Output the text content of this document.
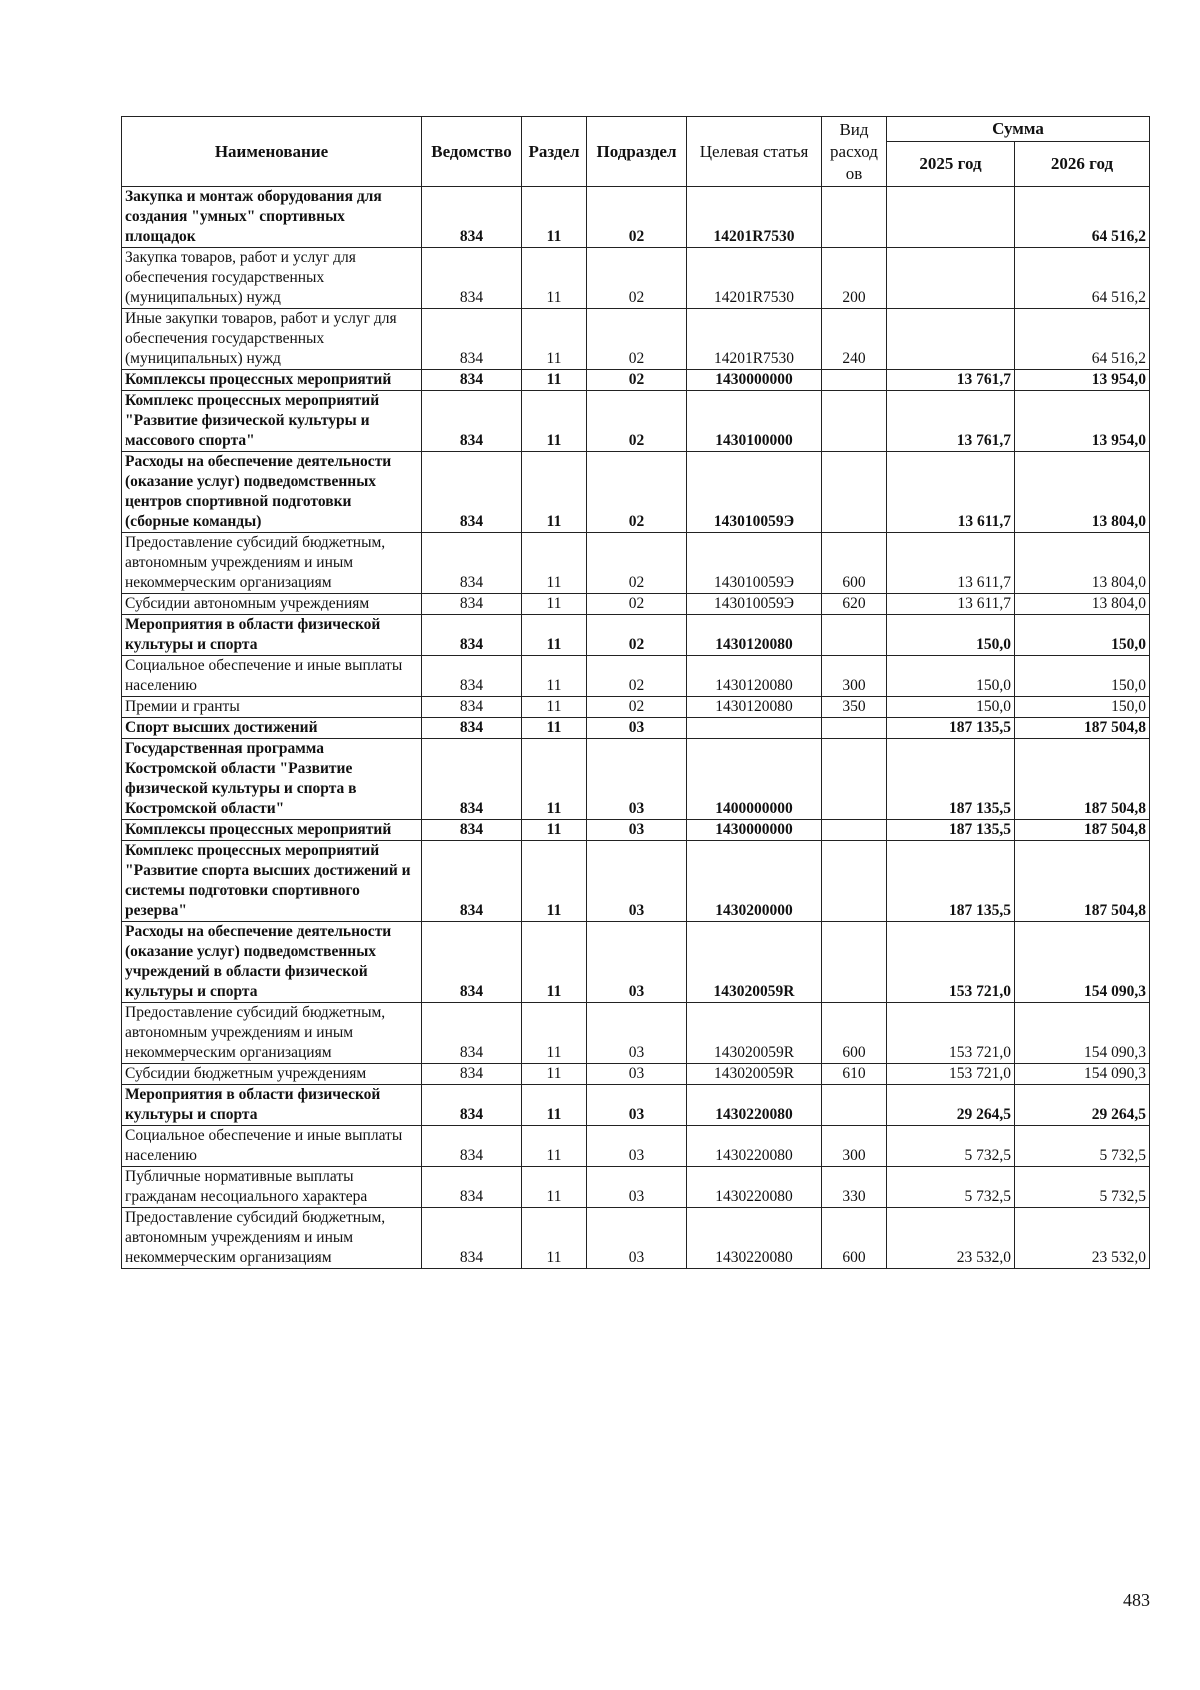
Наименование	Ведомство	Раздел	Подраздел	Целевая статья	Вид расход ов	Сумма	
						2025 год	2026 год
Закупка и монтаж оборудования для создания "умных" спортивных площадок	834	11	02	14201R7530			64 516,2
Закупка товаров, работ и услуг для обеспечения государственных (муниципальных) нужд	834	11	02	14201R7530	200		64 516,2
Иные закупки товаров, работ и услуг для обеспечения государственных (муниципальных) нужд	834	11	02	14201R7530	240		64 516,2
Комплексы процессных мероприятий	834	11	02	1430000000		13 761,7	13 954,0
Комплекс процессных мероприятий "Развитие физической культуры и массового спорта"	834	11	02	1430100000		13 761,7	13 954,0
Расходы на обеспечение деятельности (оказание услуг) подведомственных центров спортивной подготовки (сборные команды)	834	11	02	143010059Э		13 611,7	13 804,0
Предоставление субсидий бюджетным, автономным учреждениям и иным некоммерческим организациям	834	11	02	143010059Э	600	13 611,7	13 804,0
Субсидии автономным учреждениям	834	11	02	143010059Э	620	13 611,7	13 804,0
Мероприятия в области физической культуры и спорта	834	11	02	1430120080		150,0	150,0
Социальное обеспечение и иные выплаты населению	834	11	02	1430120080	300	150,0	150,0
Премии и гранты	834	11	02	1430120080	350	150,0	150,0
Спорт высших достижений	834	11	03			187 135,5	187 504,8
Государственная программа Костромской области "Развитие физической культуры и спорта в Костромской области"	834	11	03	1400000000		187 135,5	187 504,8
Комплексы процессных мероприятий	834	11	03	1430000000		187 135,5	187 504,8
Комплекс процессных мероприятий "Развитие спорта высших достижений и системы подготовки спортивного резерва"	834	11	03	1430200000		187 135,5	187 504,8
Расходы на обеспечение деятельности (оказание услуг) подведомственных учреждений в области физической культуры и спорта	834	11	03	143020059R		153 721,0	154 090,3
Предоставление субсидий бюджетным, автономным учреждениям и иным некоммерческим организациям	834	11	03	143020059R	600	153 721,0	154 090,3
Субсидии бюджетным учреждениям	834	11	03	143020059R	610	153 721,0	154 090,3
Мероприятия в области физической культуры и спорта	834	11	03	1430220080		29 264,5	29 264,5
Социальное обеспечение и иные выплаты населению	834	11	03	1430220080	300	5 732,5	5 732,5
Публичные нормативные выплаты гражданам несоциального характера	834	11	03	1430220080	330	5 732,5	5 732,5
Предоставление субсидий бюджетным, автономным учреждениям и иным некоммерческим организациям	834	11	03	1430220080	600	23 532,0	23 532,0
483
